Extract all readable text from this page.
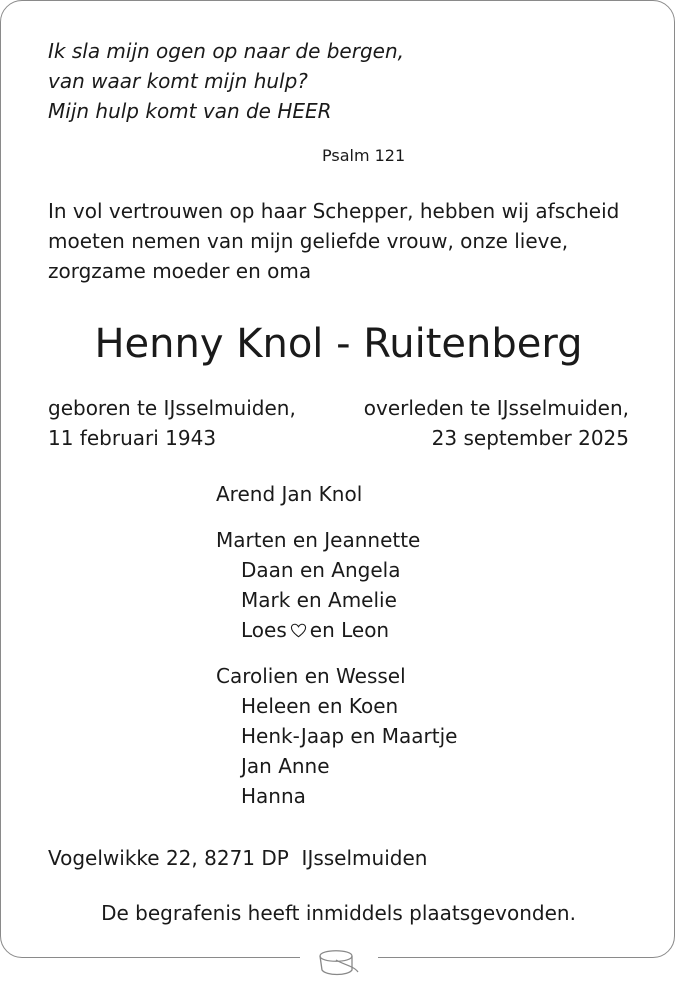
Ik sla mijn ogen op naar de bergen,
van waar komt mijn hulp?
Mijn hulp komt van de HEER
Psalm 121
In vol vertrouwen op haar Schepper, hebben wij afscheid
moeten nemen van mijn geliefde vrouw, onze lieve,
zorgzame moeder en oma
Henny Knol - Ruitenberg
geboren te IJsselmuiden,
11 februari 1943
overleden te IJsselmuiden,
23 september 2025
Arend Jan Knol
Marten en Jeannette
Daan en Angela
Mark en Amelie
Loes en Leon
Carolien en Wessel
Heleen en Koen
Henk-Jaap en Maartje
Jan Anne
Hanna
Vogelwikke 22, 8271 DP  IJsselmuiden
De begrafenis heeft inmiddels plaatsgevonden.
